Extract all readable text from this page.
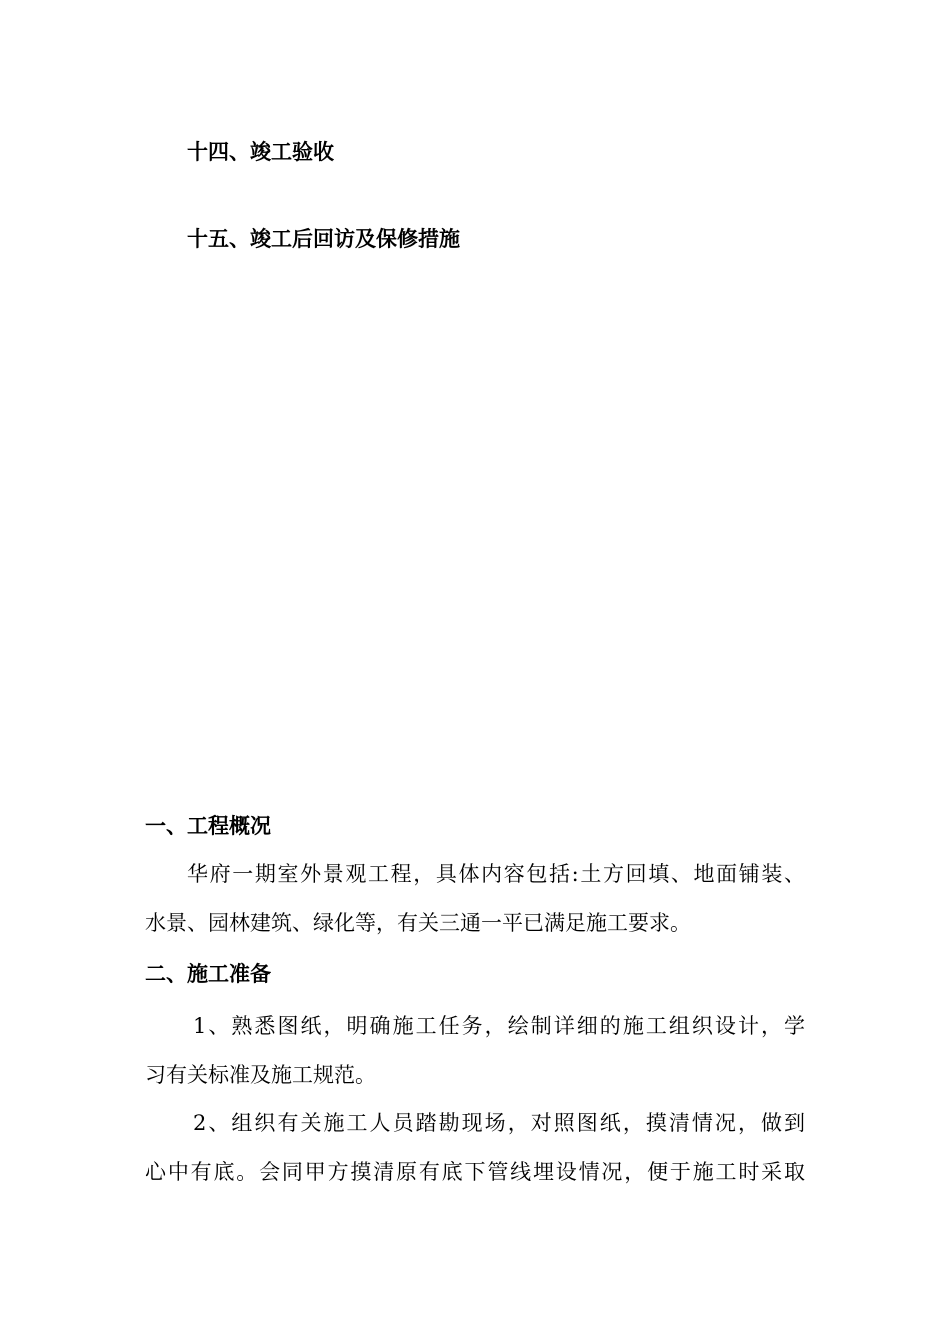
十四、竣工验收
十五、竣工后回访及保修措施
一、工程概况
华府一期室外景观工程，具体内容包括:土方回填、地面铺装、
水景、园林建筑、绿化等，有关三通一平已满足施工要求。
二、施工准备
1、熟悉图纸，明确施工任务，绘制详细的施工组织设计，学
习有关标准及施工规范。
2、组织有关施工人员踏勘现场，对照图纸，摸清情况，做到
心中有底。会同甲方摸清原有底下管线埋设情况，便于施工时采取
